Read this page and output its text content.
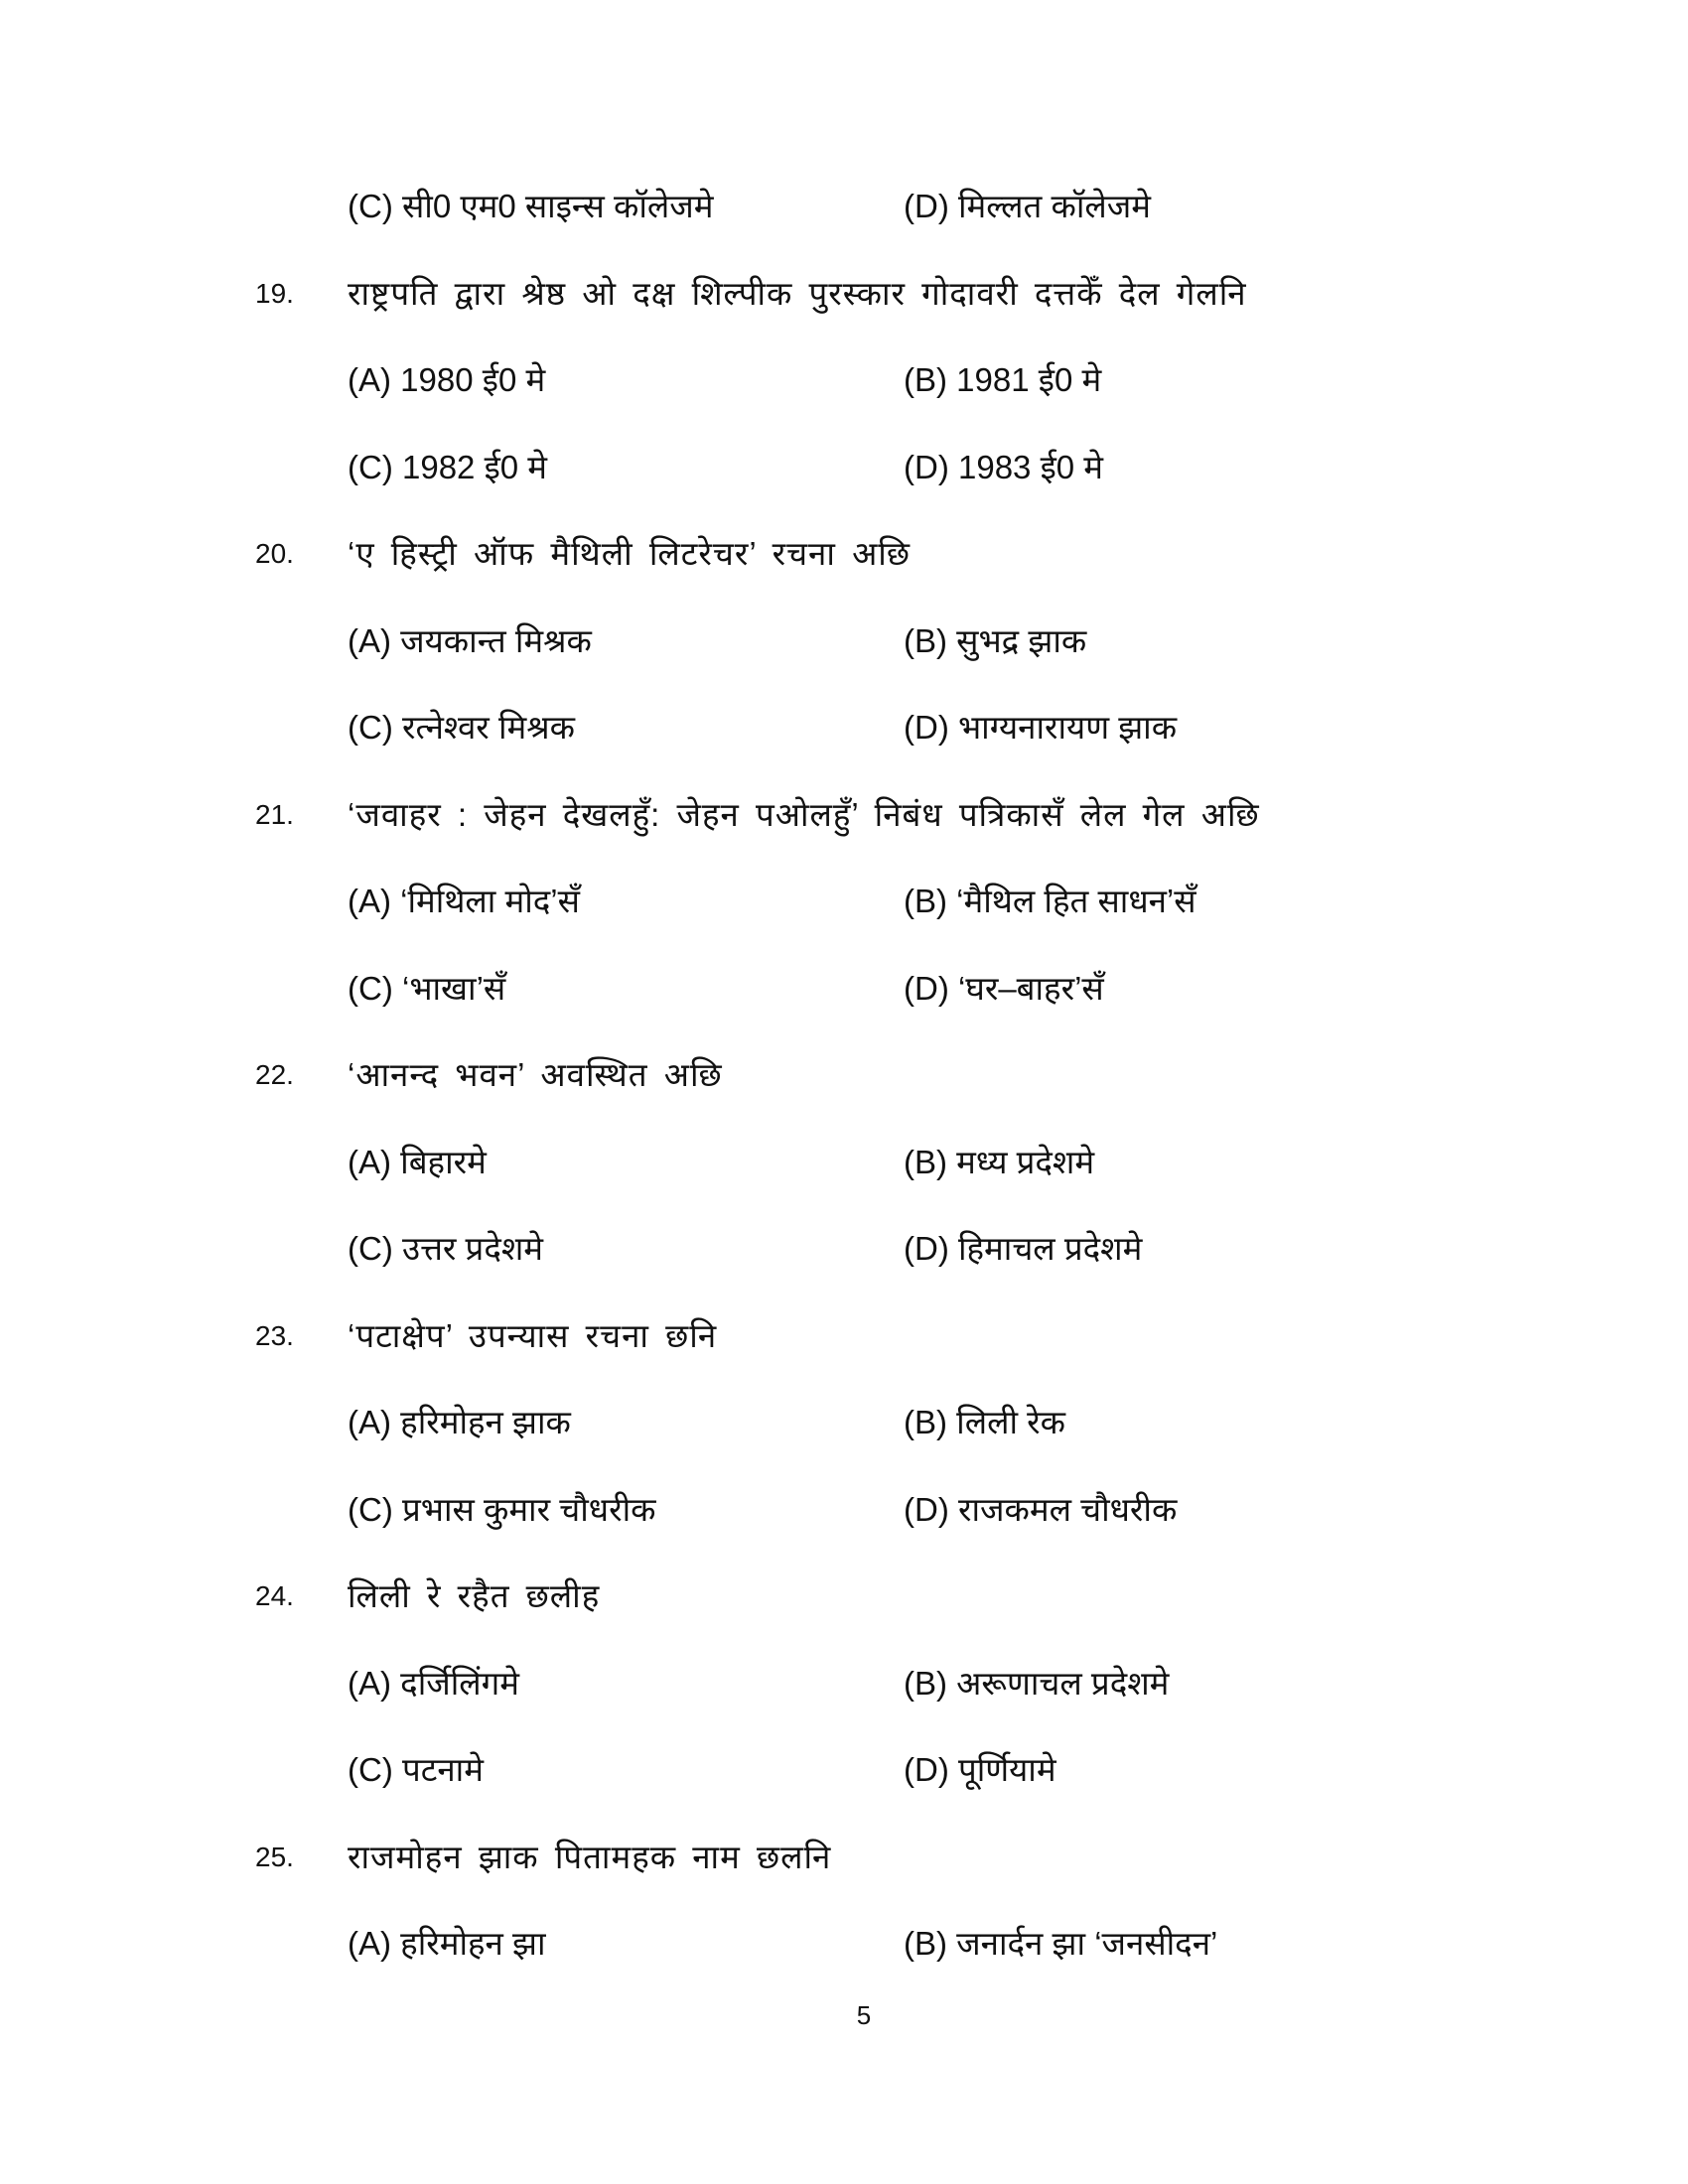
(C) सी0 एम0 साइन्स कॉलेजमे	(D) मिल्लत कॉलेजमे
19. राष्ट्रपति द्वारा श्रेष्ठ ओ दक्ष शिल्पीक पुरस्कार गोदावरी दत्तकेँ देल गेलनि
(A) 1980 ई0 मे	(B) 1981 ई0 मे
(C) 1982 ई0 मे	(D) 1983 ई0 मे
20. ‘ए हिस्ट्री ऑफ मैथिली लिटरेचर’ रचना अछि
(A) जयकान्त मिश्रक	(B) सुभद्र झाक
(C) रत्नेश्वर मिश्रक	(D) भाग्यनारायण झाक
21. ‘जवाहर : जेहन देखलहुँ: जेहन पओलहुँ’ निबंध पत्रिकासँ लेल गेल अछि
(A) ‘मिथिला मोद’सँ	(B) ‘मैथिल हित साधन’सँ
(C) ‘भाखा’सँ	(D) ‘घर–बाहर’सँ
22. ‘आनन्द भवन’ अवस्थित अछि
(A) बिहारमे	(B) मध्य प्रदेशमे
(C) उत्तर प्रदेशमे	(D) हिमाचल प्रदेशमे
23. ‘पटाक्षेप’ उपन्यास रचना छनि
(A) हरिमोहन झाक	(B) लिली रेक
(C) प्रभास कुमार चौधरीक	(D) राजकमल चौधरीक
24. लिली रे रहैत छलीह
(A) दर्जिलिंगमे	(B) अरूणाचल प्रदेशमे
(C) पटनामे	(D) पूर्णियामे
25. राजमोहन झाक पितामहक नाम छलनि
(A) हरिमोहन झा	(B) जनार्दन झा ‘जनसीदन’
5
